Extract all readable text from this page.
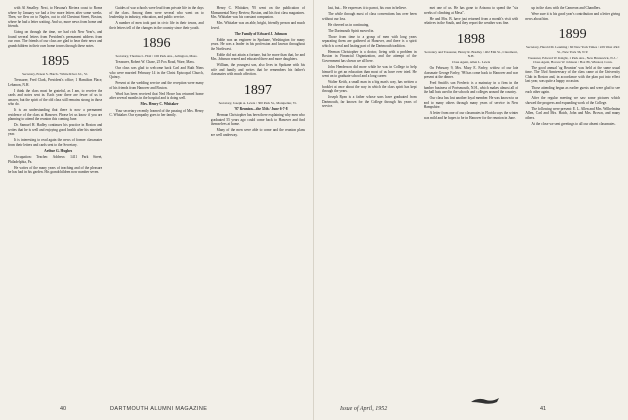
with Al Smalley. Next, to Havana's Riviera coast to Rome where by January we had a few more letters after some weeks. Then, we flew on to Naples, out to old Chestnut Street, Boston, where he had a letter waiting. And so, more news from home and friends.

Going on through the time, we had rich New Year's, and found several letters from President's permanent address from our own. The friends of our class are glad to hear their news and grandchildren in their own home towns through these notes.

1895

Secretary, Ernest S. Hatch / White River Jct., Vt.

Treasurer, Fred Clark, President's office; 1 Hamilton Place, Lebanon, N.H.

I think the class must be grateful, as I am, to receive the cards and notes sent in. Each year there are fewer of us to answer, but the spirit of the old class still remains strong in those who do.

It is an understanding that there is now a permanent residence of the class at Hanover. Please let us know if you are planning to attend the reunion this coming June.

Dr. Samuel H. Hadley continues his practice in Boston and writes that he is well and enjoying good health after his ninetieth year.

It is interesting to read again the news of former classmates from their letters and cards sent to the Secretary.

Arthur G. Hughes

Occupation: Teacher. Address: 1411 Park Street, Philadelphia, Pa.

He writes of the many years of teaching and of the pleasure he has had in his garden. His grandchildren now number seven.

Guides of war schools were lead from private life in the days of the class. Among them were several who went on to leadership in industry, education, and public service.

A number of men took part in civic life in their towns, and their letters tell of the changes in the country since their youth.

1896

Secretary, Thomas L. Holt / 106 Park Ave., Arlington, Mass.

Treasurer, Robert W. Chase, 25 Fox Road, Ware, Mass.

Our class was glad to welcome back Carl and Ruth Nims who were married February 14 in the Christ Episcopal Church, Quincy.

Present at the wedding service and the reception were many of his friends from Hanover and Boston.

Word has been received that Ned Howe has returned home after several months in the hospital and is doing well.

Mrs. Henry C. Whitaker

Your secretary recently learned of the passing of Mrs. Henry C. Whitaker. Our sympathy goes to her family.

Henry C. Whitaker, '95 went on the publication of Monumental Navy Review, Boston, and his first class magazines. Mrs. Whitaker was his constant companion.

Mrs. Whitaker was an able, bright, friendly person and much loved.

The Family of Edward J. Johnson

Eddie was an engineer in Spokane, Washington for many years. He was a leader in his profession and known throughout the Northwest.

Eddie did not attain a fortune, but he more than that, he and Mrs. Johnson reared and educated three and more daughters.

William, the youngest son, also lives in Spokane with his wife and family and writes that he remembers his father's classmates with much affection.

1897

Secretary, Joseph A. Lewis / 300 Park St., Montpelier, Vt.

'97 Reunion—the 55th / June 6-7-8

Herman Christopher has been there explaining why men who graduated 55 years ago could come back to Hanover and find themselves at home.

Many of the men were able to come and the reunion plans are well underway.

last, but... He expresses it to parrot, his own in believe.

The while through most of class conventions has over been without our loss.

He cheered us in continuing.

The Dartmouth Spirit moved in.

Those from time to a group of men with long years separating them are gathered at Hanover, and there is a spirit which is a real and lasting part of the Dartmouth tradition.

Herman Christopher is a doctor, living with a problem in Boston in Financial Organization, and the attempt of the Government has shown we all here.

John Henderson did more while he was in College to help himself to get an education than most of us have ever tried. He went on to graduate school and a long career.

Walter Keith, a small man in a big man's way, has written a booklet at once about the way in which the class spirit has kept through the years.

Joseph Ryan is a father whose sons have graduated from Dartmouth, far known for the College through his years of service.

met one of us. He has gone to Arizona to spend the "six weeks of climbing at Mesa".

He and Mrs. B. have just returned from a month's visit with relatives in the South, and they report the weather was fine.

1898

Secretary and Treasurer, Henry R. Bradley / 402 Elm St., Claremont, N.H.

Class Agent, Allen L. Lewis

On February 9, Mrs. Mary E. Farley, widow of our late classmate George Farley, '98 has come back to Hanover and was present at the dinner.

Fred Smith's son Frederic is a mainstay in a firm in the lumber business of Portsmouth, N.H., which makes almost all of the ball bats used in the schools and colleges around the country.

Our class has lost another loyal member. He was known to us and to many others through many years of service in New Hampshire.

A letter from one of our classmates in Florida says the winter was mild and he hopes to be in Hanover for the reunion in June.

up in the class with the Cameron and Chandlers.

Were sure it is his good year's contribution and a letter giving news about him.

1899

Secretary, Harold M. Leaming / 60 New York Times / 229 West 43rd St., New York 36, N.Y.

Treasurer, Edward W. Knight, 1 Park Ave., New Brunswick, N.J. / Class Agent, Horace W. Johnson / Box 86, Winsted, Conn.

The good annual 'ag Reunion' was held at the same usual time. The 53rd Anniversary of the class came at the University Club in Boston and, in accordance with the plan put into effect last year, was quite a happy occasion.

Those attending began as earlier guests and were glad to see each other again.

After the regular meeting we saw some pictures which showed the progress and expanding work of the College.

The following were present: E. L. Allen and Mrs. Wilhelmina Allen, Carl and Mrs. Hatch, John and Mrs. Brown, and many others.

At the close we sent greetings to all our absent classmates.

40	DARTMOUTH ALUMNI MAGAZINE	Issue of April, 1952	41
